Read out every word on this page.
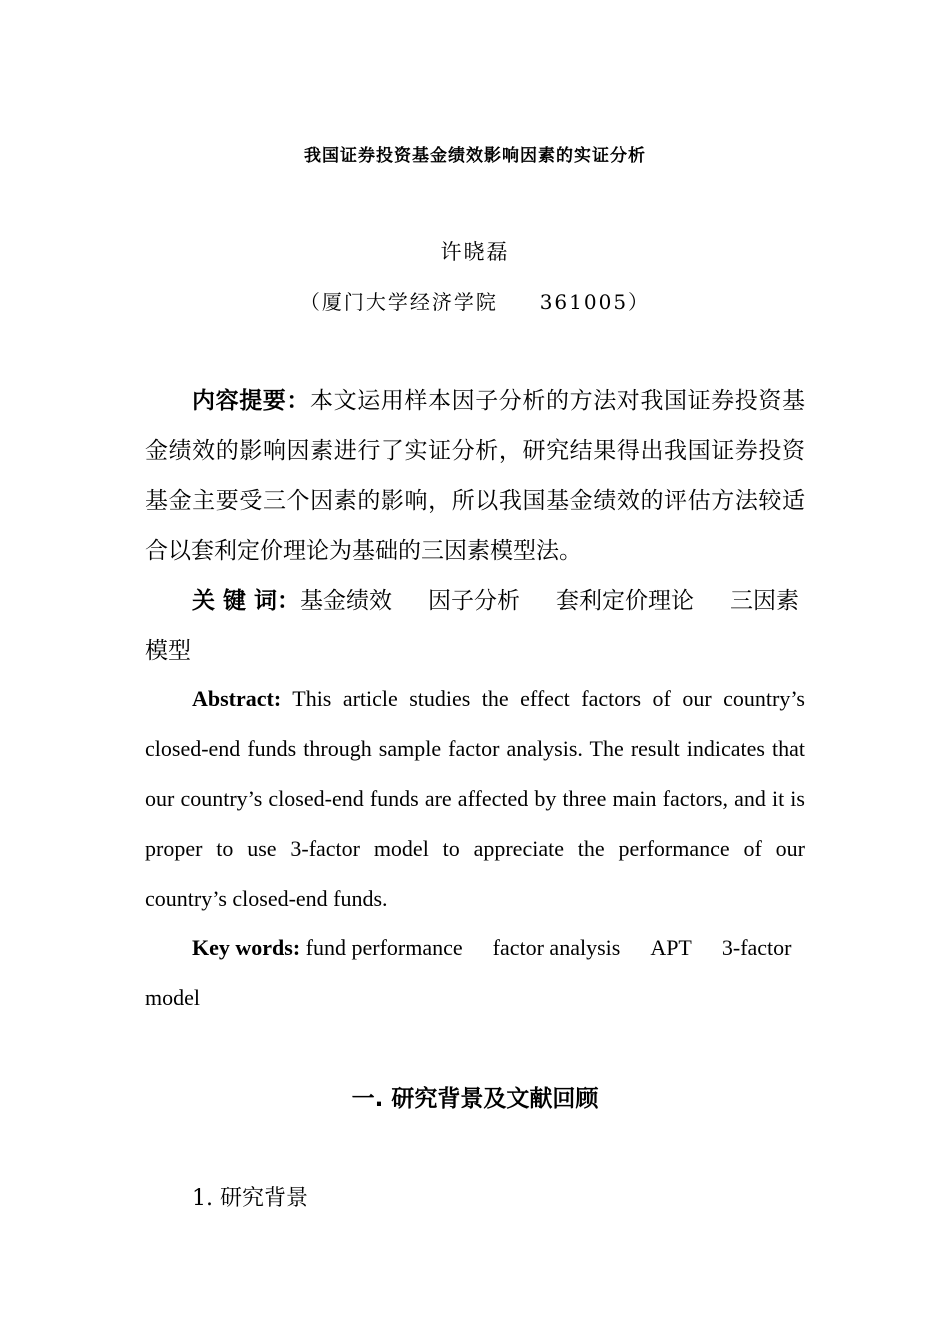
我国证券投资基金绩效影响因素的实证分析
许晓磊
（厦门大学经济学院     361005）

内容提要：本文运用样本因子分析的方法对我国证券投资基金绩效的影响因素进行了实证分析，研究结果得出我国证券投资基金主要受三个因素的影响，所以我国基金绩效的评估方法较适合以套利定价理论为基础的三因素模型法。

关 键 词：基金绩效 因子分析 套利定价理论 三因素模型

Abstract: This article studies the effect factors of our country’s closed-end funds through sample factor analysis. The result indicates that our country’s closed-end funds are affected by three main factors, and it is proper to use 3-factor model to appreciate the performance of our country’s closed-end funds.

Key words: fund performance factor analysis APT 3-factor model

一. 研究背景及文献回顾
1. 研究背景
